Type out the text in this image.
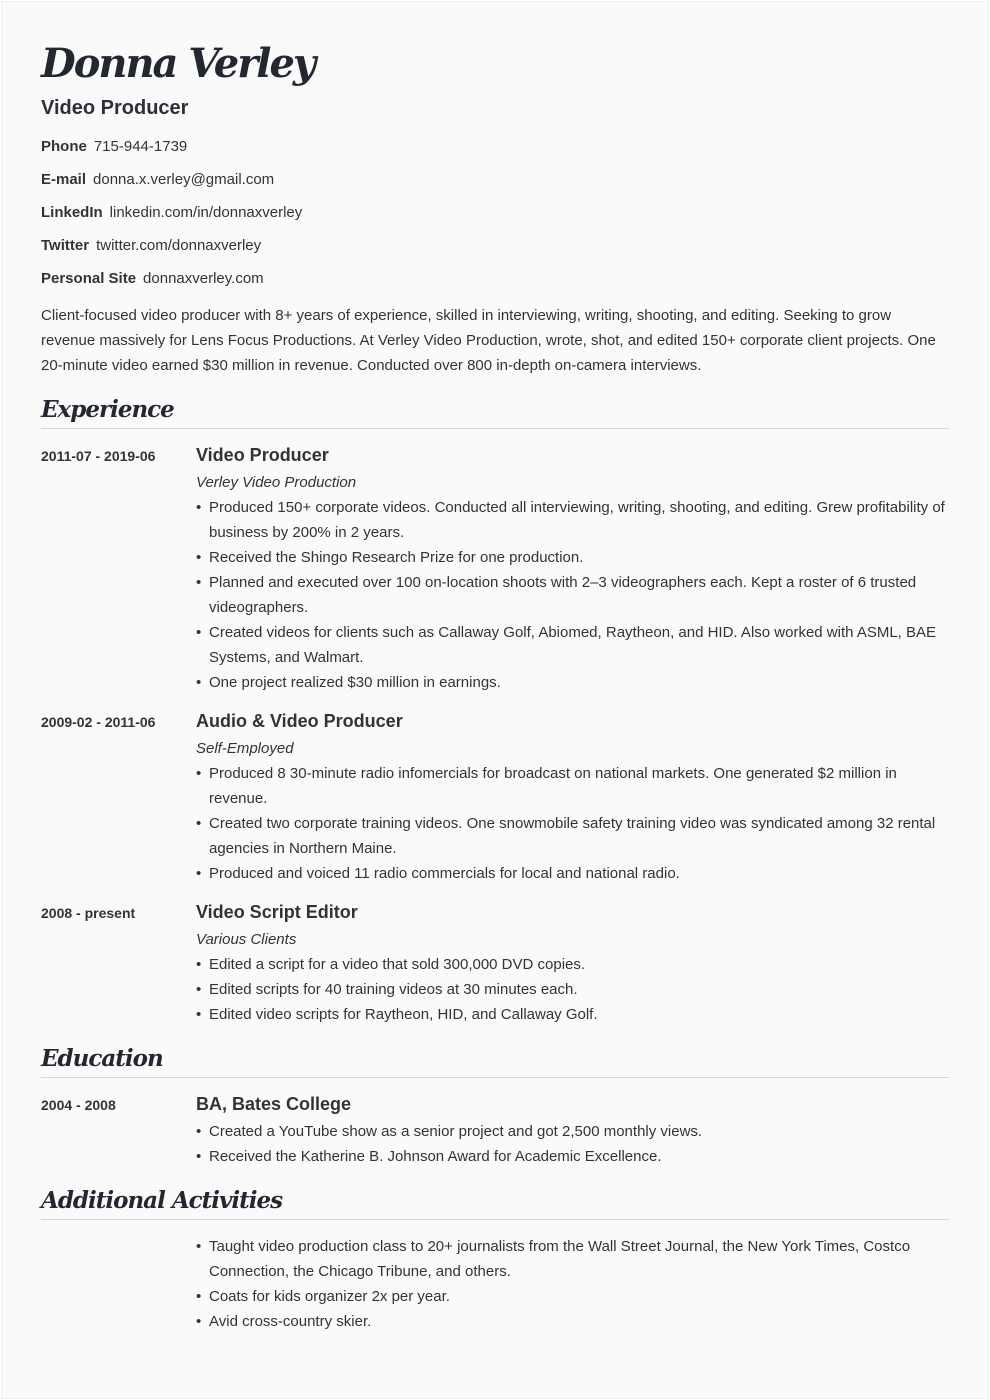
Donna Verley
Video Producer
Phone 715-944-1739
E-mail donna.x.verley@gmail.com
LinkedIn linkedin.com/in/donnaxverley
Twitter twitter.com/donnaxverley
Personal Site donnaxverley.com

Client-focused video producer with 8+ years of experience, skilled in interviewing, writing, shooting, and editing. Seeking to grow revenue massively for Lens Focus Productions. At Verley Video Production, wrote, shot, and edited 150+ corporate client projects. One 20-minute video earned $30 million in revenue. Conducted over 800 in-depth on-camera interviews.

Experience
2011-07 - 2019-06	Video Producer
Verley Video Production
• Produced 150+ corporate videos. Conducted all interviewing, writing, shooting, and editing. Grew profitability of business by 200% in 2 years.
• Received the Shingo Research Prize for one production.
• Planned and executed over 100 on-location shoots with 2–3 videographers each. Kept a roster of 6 trusted videographers.
• Created videos for clients such as Callaway Golf, Abiomed, Raytheon, and HID. Also worked with ASML, BAE Systems, and Walmart.
• One project realized $30 million in earnings.
2009-02 - 2011-06	Audio & Video Producer
Self-Employed
• Produced 8 30-minute radio infomercials for broadcast on national markets. One generated $2 million in revenue.
• Created two corporate training videos. One snowmobile safety training video was syndicated among 32 rental agencies in Northern Maine.
• Produced and voiced 11 radio commercials for local and national radio.
2008 - present	Video Script Editor
Various Clients
• Edited a script for a video that sold 300,000 DVD copies.
• Edited scripts for 40 training videos at 30 minutes each.
• Edited video scripts for Raytheon, HID, and Callaway Golf.
Education
2004 - 2008	BA, Bates College
• Created a YouTube show as a senior project and got 2,500 monthly views.
• Received the Katherine B. Johnson Award for Academic Excellence.
Additional Activities
• Taught video production class to 20+ journalists from the Wall Street Journal, the New York Times, Costco Connection, the Chicago Tribune, and others.
• Coats for kids organizer 2x per year.
• Avid cross-country skier.
